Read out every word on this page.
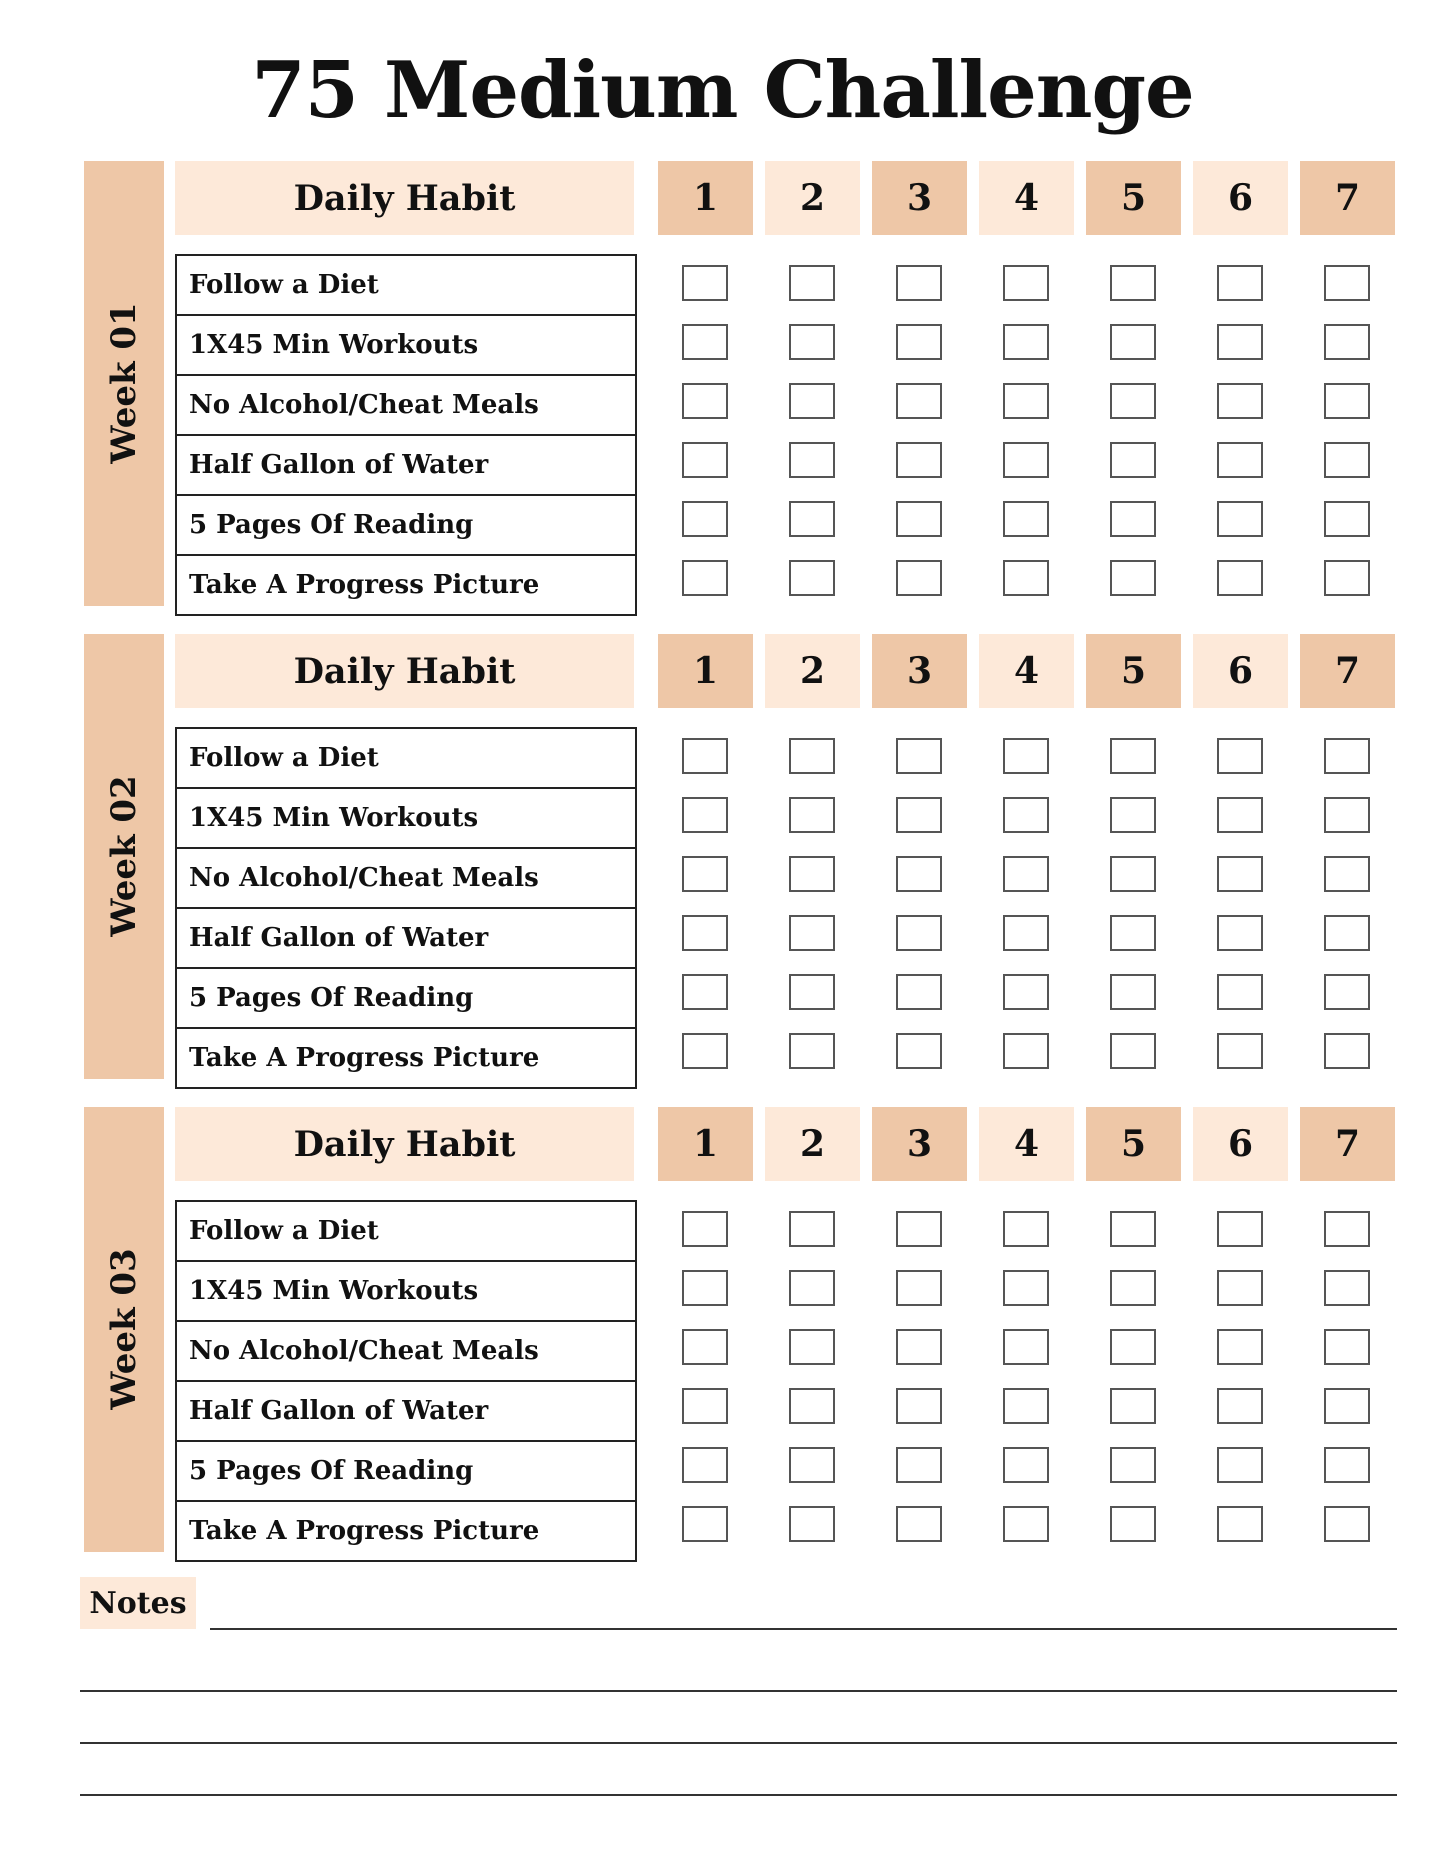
75 Medium Challenge
Week 01
Daily Habit	1	2	3	4	5	6	7
Follow a Diet
1X45 Min Workouts
No Alcohol/Cheat Meals
Half Gallon of Water
5 Pages Of Reading
Take A Progress Picture
Week 02
Daily Habit	1	2	3	4	5	6	7
Follow a Diet
1X45 Min Workouts
No Alcohol/Cheat Meals
Half Gallon of Water
5 Pages Of Reading
Take A Progress Picture
Week 03
Daily Habit	1	2	3	4	5	6	7
Follow a Diet
1X45 Min Workouts
No Alcohol/Cheat Meals
Half Gallon of Water
5 Pages Of Reading
Take A Progress Picture
Notes
